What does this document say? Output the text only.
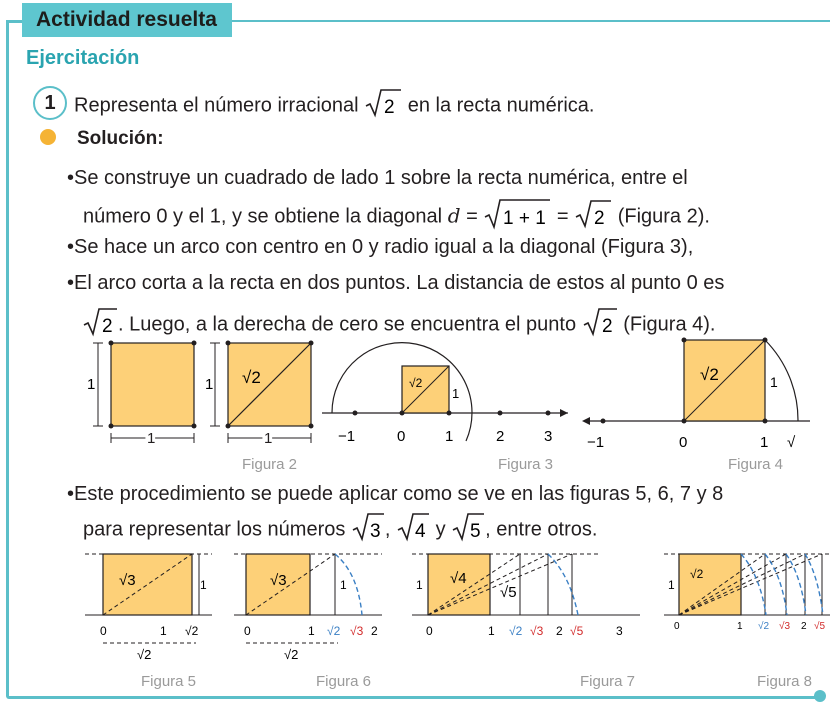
Actividad resuelta
Ejercitación
1 Representa el número irracional 2 en la recta numérica.
Solución:
•Se construye un cuadrado de lado 1 sobre la recta numérica, entre el
número 0 y el 1, y se obtiene la diagonal d = 1 + 1 = 2 (Figura 2).
•Se hace un arco con centro en 0 y radio igual a la diagonal (Figura 3),
•El arco corta a la recta en dos puntos. La distancia de estos al punto 0 es
2 . Luego, a la derecha de cero se encuentra el punto 2 (Figura 4).
1
1
1 √2
1
√2
1
−1	0	1	2	3
√2	1
−1	0	1 √
Figura 2	Figura 3	Figura 4
•Este procedimiento se puede aplicar como se ve en las figuras 5, 6, 7 y 8
para representar los números 3 , 4 y 5 , entre otros.
1
√3
0	1 √2
√2
1
√3
0	1 √2 √3 2
√2
√4
√5
1
0	1 √2 √3 2 √5	3
√2
1
0	1 √2 √3 2 √5
Figura 5	Figura 6	Figura 7	Figura 8
